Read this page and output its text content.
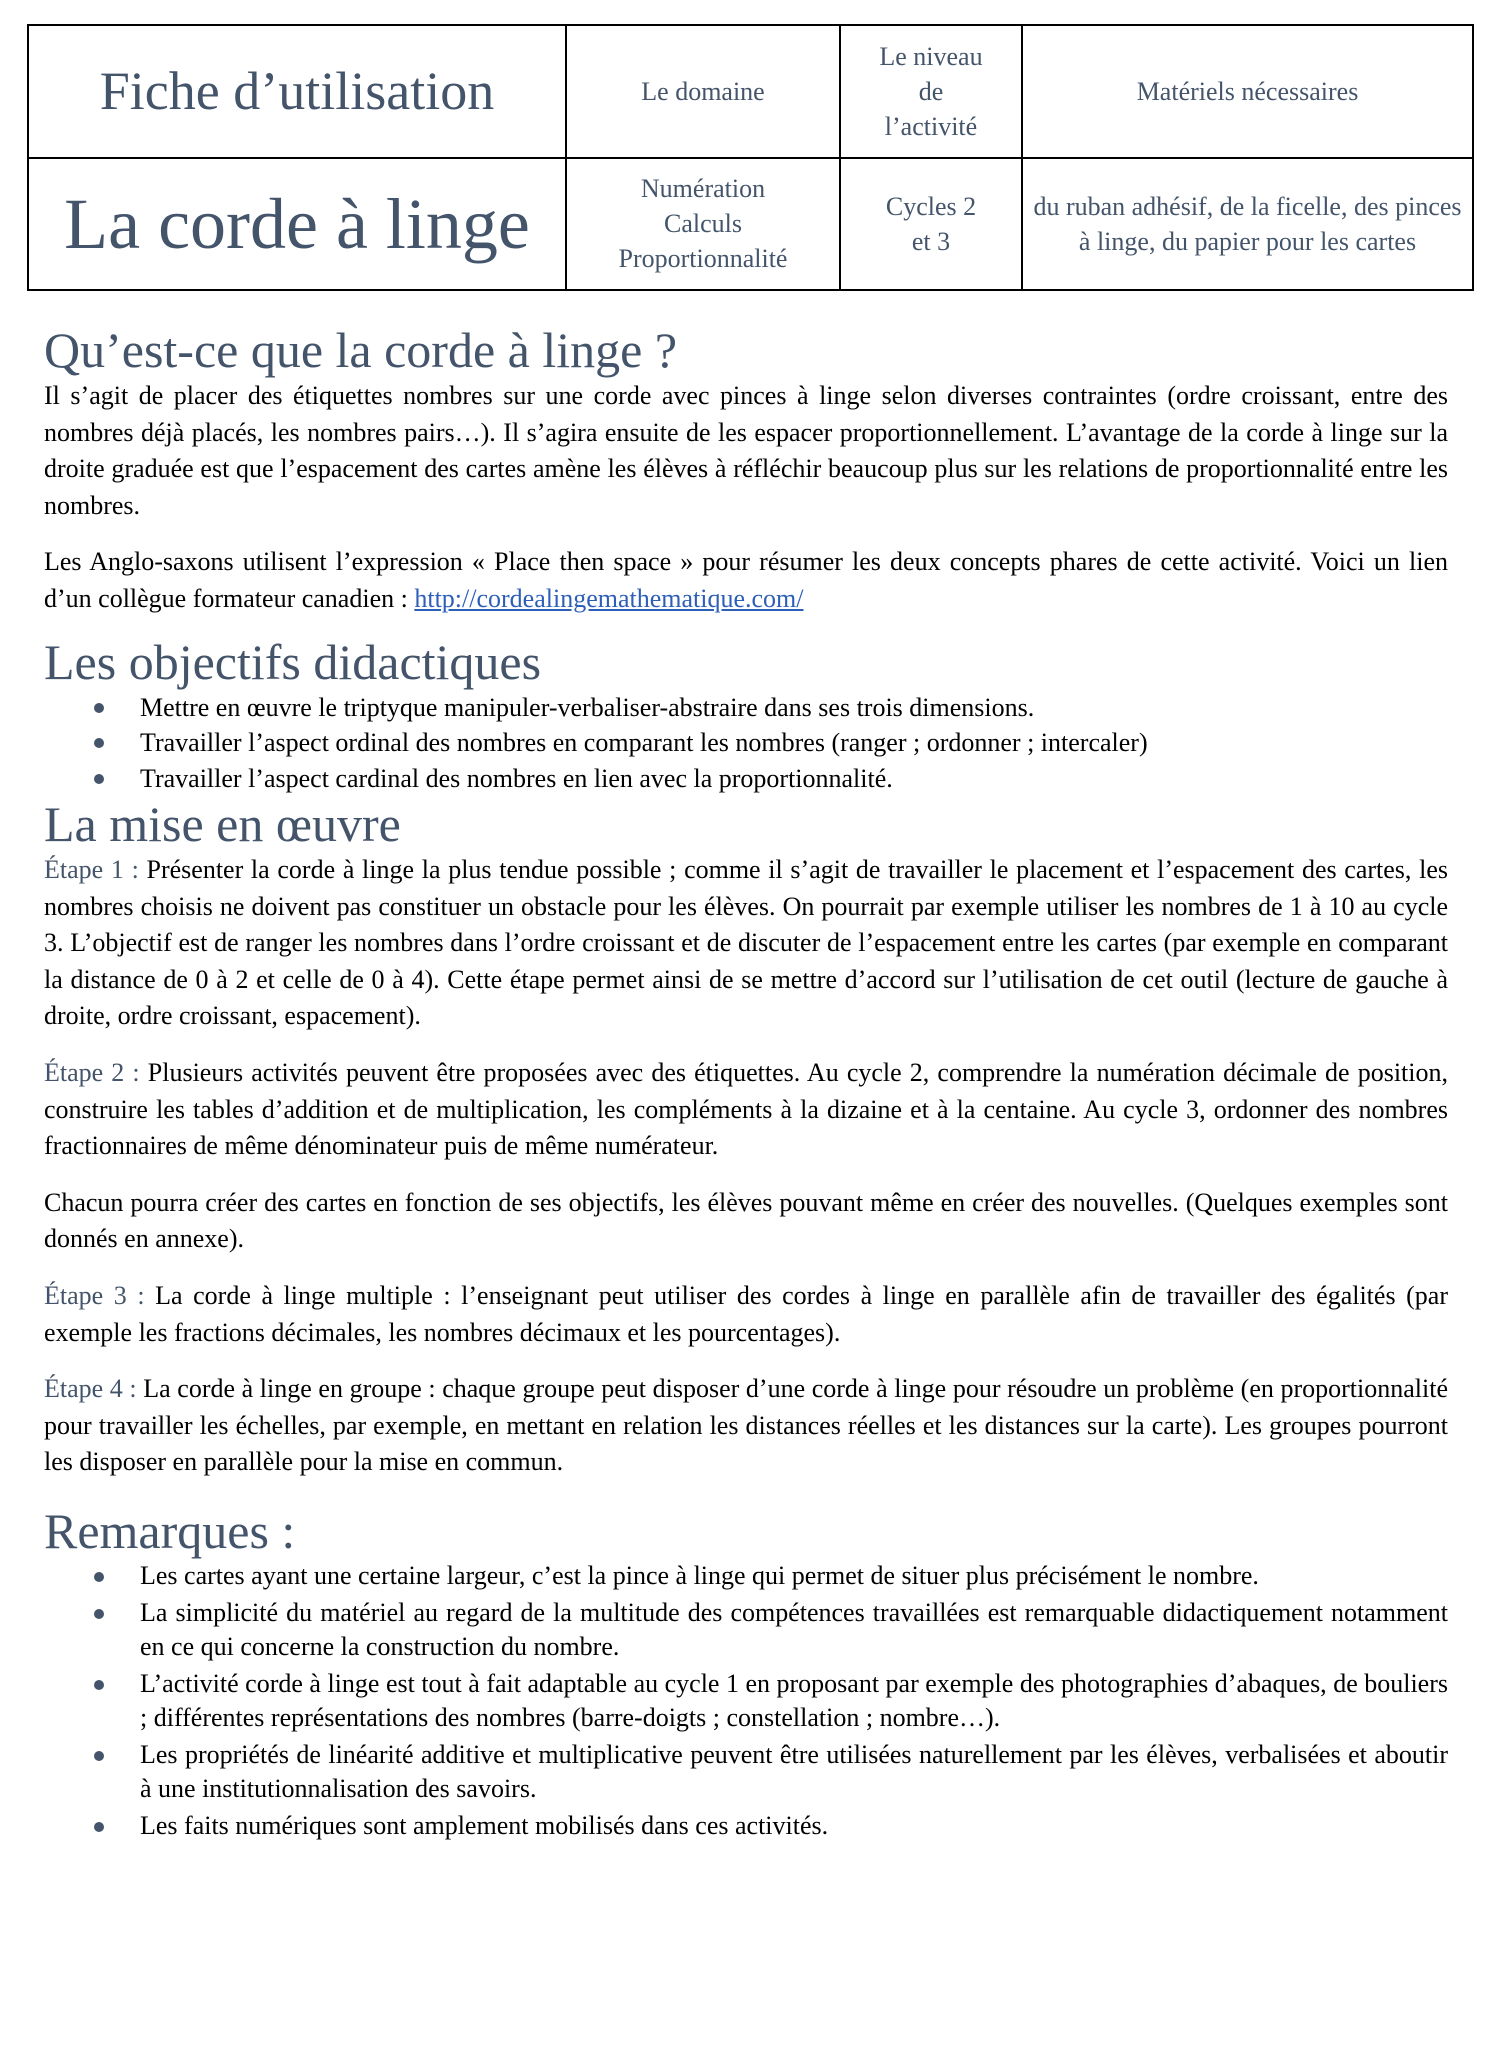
Fiche d’utilisation	Le domaine	Le niveau
de
l’activité	Matériels nécessaires
La corde à linge	Numération
Calculs
Proportionnalité	Cycles 2
et 3	du ruban adhésif, de la ficelle, des pinces à linge, du papier pour les cartes
Qu’est-ce que la corde à linge ?

Il s’agit de placer des étiquettes nombres sur une corde avec pinces à linge selon diverses contraintes (ordre croissant, entre des nombres déjà placés, les nombres pairs…). Il s’agira ensuite de les espacer proportionnellement. L’avantage de la corde à linge sur la droite graduée est que l’espacement des cartes amène les élèves à réfléchir beaucoup plus sur les relations de proportionnalité entre les nombres.

Les Anglo-saxons utilisent l’expression « Place then space » pour résumer les deux concepts phares de cette activité. Voici un lien d’un collègue formateur canadien : http://cordealingemathematique.com/

Les objectifs didactiques
Mettre en œuvre le triptyque manipuler-verbaliser-abstraire dans ses trois dimensions.
Travailler l’aspect ordinal des nombres en comparant les nombres (ranger ; ordonner ; intercaler)
Travailler l’aspect cardinal des nombres en lien avec la proportionnalité.
La mise en œuvre

Étape 1 : Présenter la corde à linge la plus tendue possible ; comme il s’agit de travailler le placement et l’espacement des cartes, les nombres choisis ne doivent pas constituer un obstacle pour les élèves. On pourrait par exemple utiliser les nombres de 1 à 10 au cycle 3. L’objectif est de ranger les nombres dans l’ordre croissant et de discuter de l’espacement entre les cartes (par exemple en comparant la distance de 0 à 2 et celle de 0 à 4). Cette étape permet ainsi de se mettre d’accord sur l’utilisation de cet outil (lecture de gauche à droite, ordre croissant, espacement).

Étape 2 : Plusieurs activités peuvent être proposées avec des étiquettes. Au cycle 2, comprendre la numération décimale de position, construire les tables d’addition et de multiplication, les compléments à la dizaine et à la centaine. Au cycle 3, ordonner des nombres fractionnaires de même dénominateur puis de même numérateur.

Chacun pourra créer des cartes en fonction de ses objectifs, les élèves pouvant même en créer des nouvelles. (Quelques exemples sont donnés en annexe).

Étape 3 : La corde à linge multiple : l’enseignant peut utiliser des cordes à linge en parallèle afin de travailler des égalités (par exemple les fractions décimales, les nombres décimaux et les pourcentages).

Étape 4 : La corde à linge en groupe : chaque groupe peut disposer d’une corde à linge pour résoudre un problème (en proportionnalité pour travailler les échelles, par exemple, en mettant en relation les distances réelles et les distances sur la carte). Les groupes pourront les disposer en parallèle pour la mise en commun.

Remarques :
Les cartes ayant une certaine largeur, c’est la pince à linge qui permet de situer plus précisément le nombre.
La simplicité du matériel au regard de la multitude des compétences travaillées est remarquable didactiquement notamment en ce qui concerne la construction du nombre.
L’activité corde à linge est tout à fait adaptable au cycle 1 en proposant par exemple des photographies d’abaques, de bouliers ; différentes représentations des nombres (barre-doigts ; constellation ; nombre…).
Les propriétés de linéarité additive et multiplicative peuvent être utilisées naturellement par les élèves, verbalisées et aboutir à une institutionnalisation des savoirs.
Les faits numériques sont amplement mobilisés dans ces activités.
